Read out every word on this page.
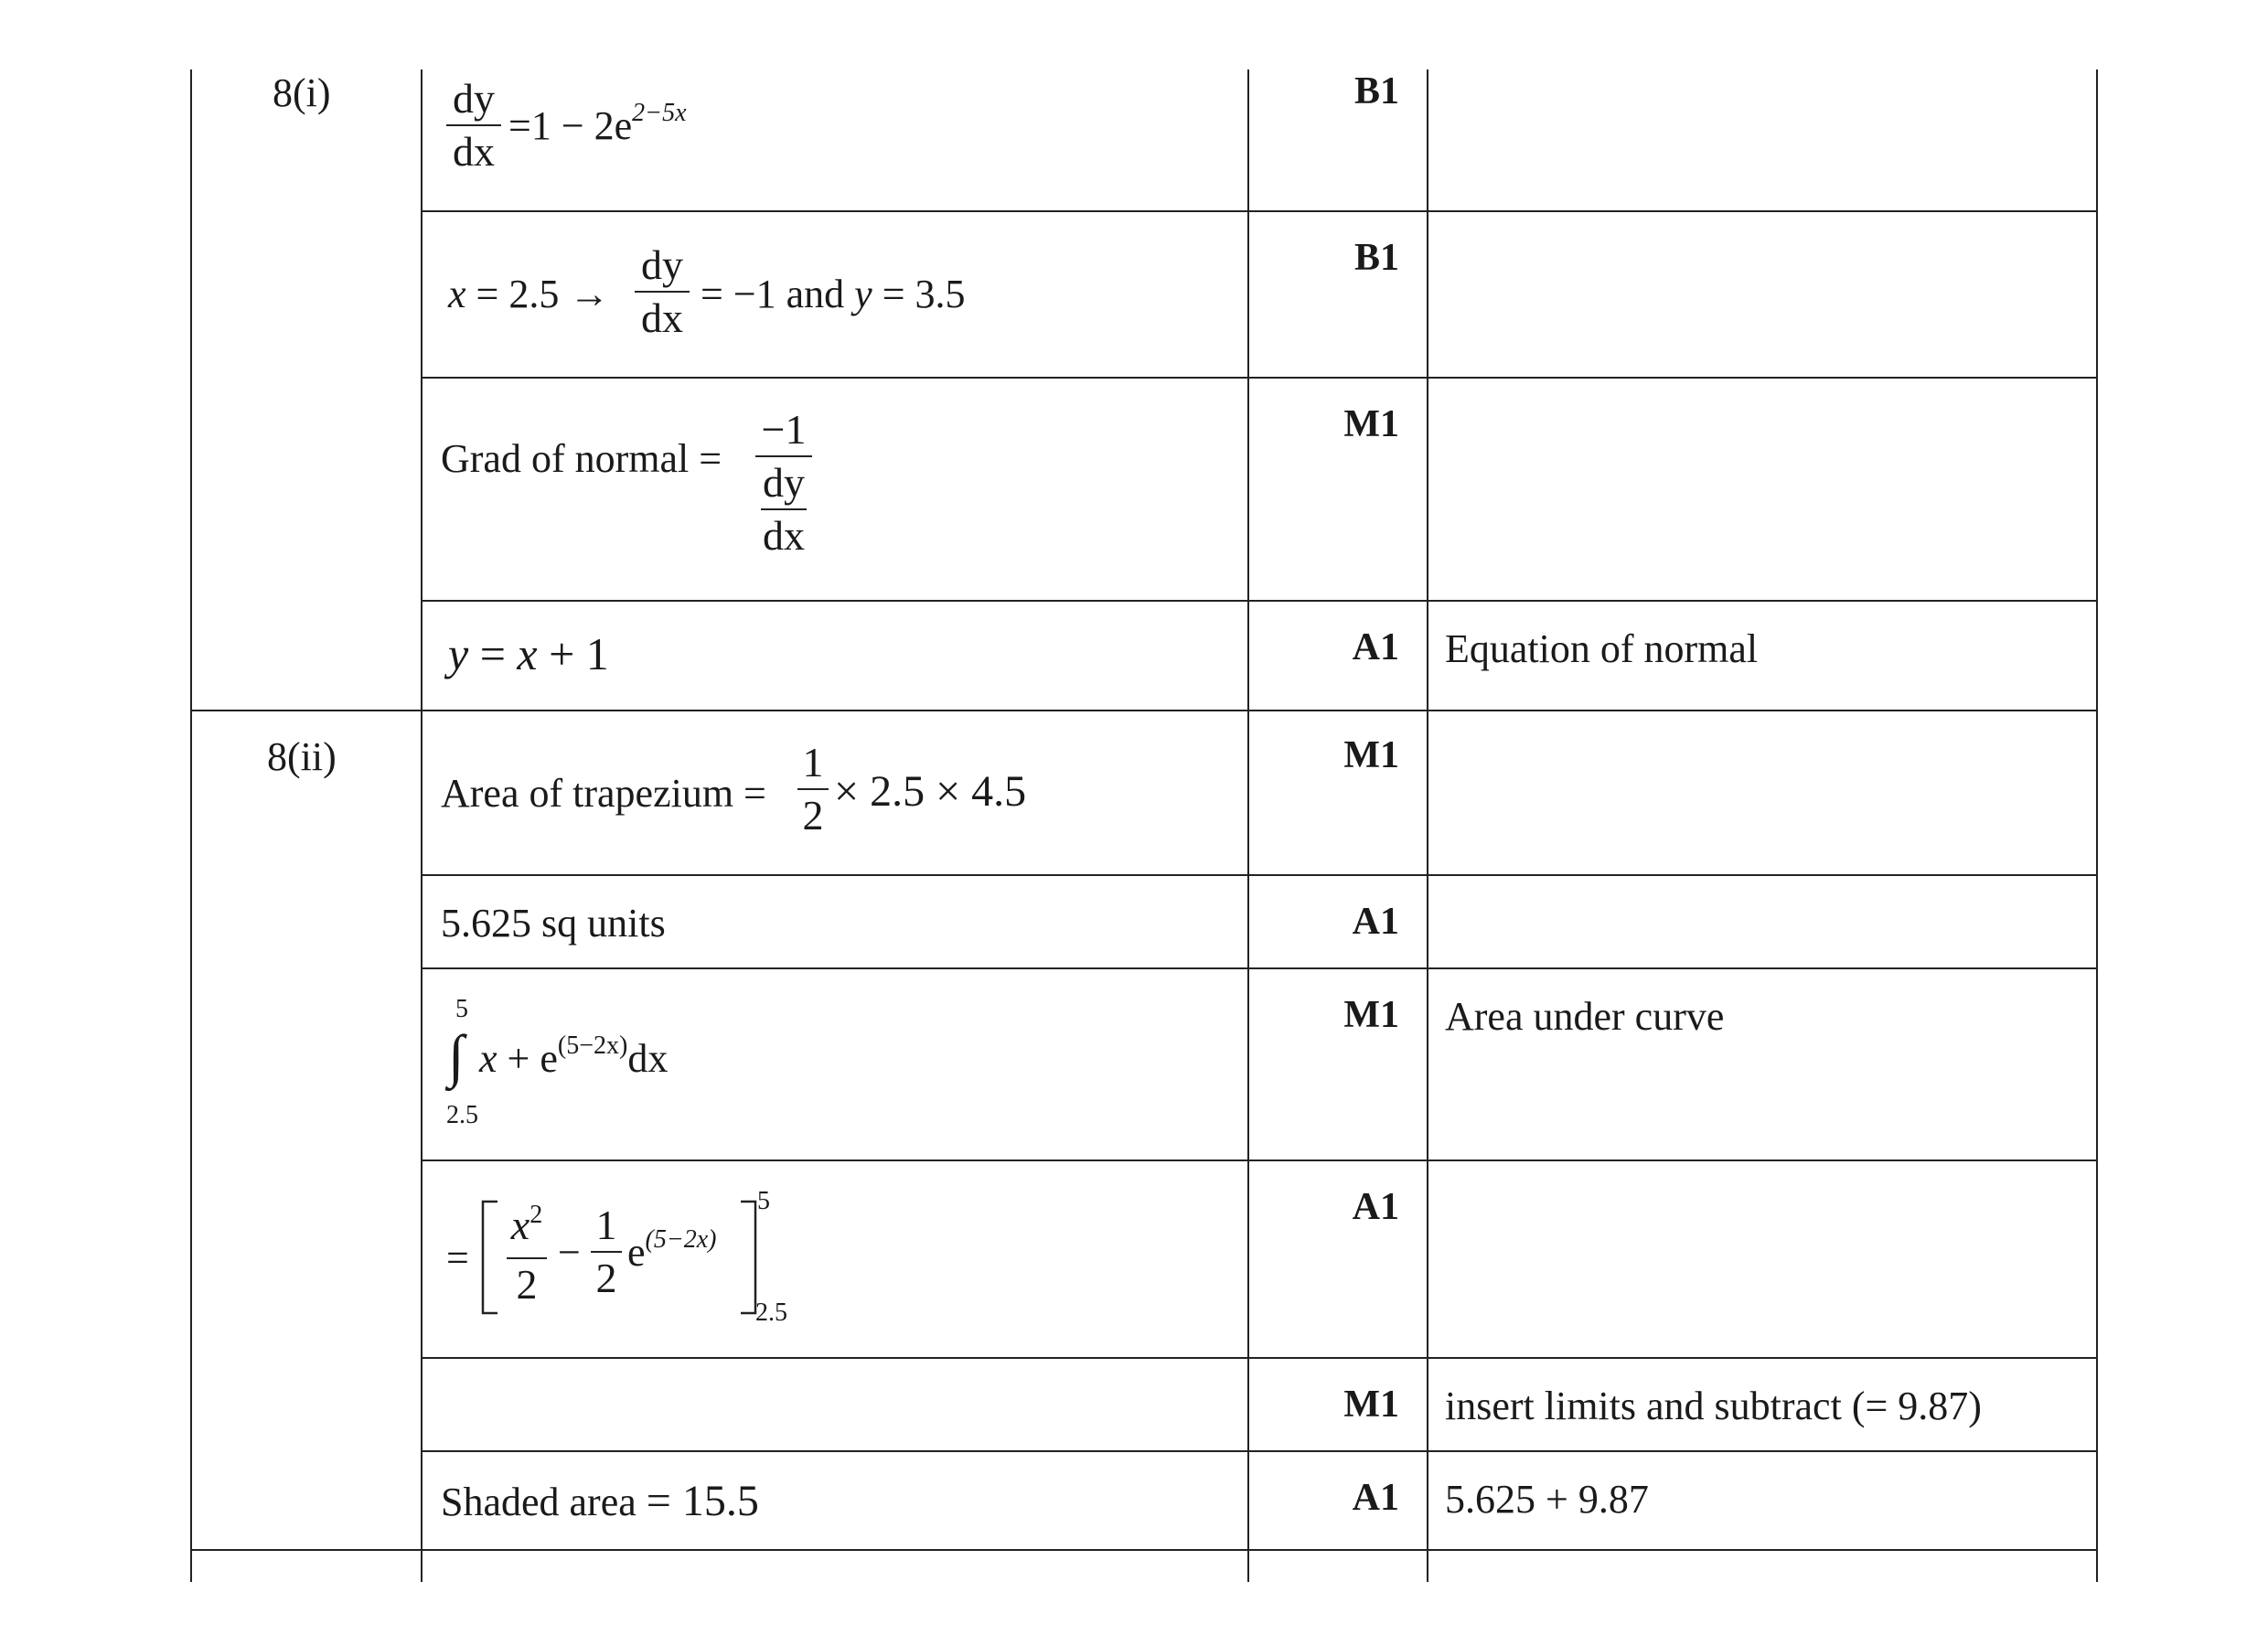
8(i)
8(ii)
B1
B1
M1
A1
M1
A1
M1
A1
M1
A1
Equation of normal
Area under curve
insert limits and subtract (= 9.87)
5.625 + 9.87
dy
dx
$=1 - 2e^{2-5x}$
x = 2.5 →
dy
dx
= −1 and y = 3.5
Grad of normal =
−1
dy
dx
y = x + 1
Area of trapezium =
1
2 × 2.5 × 4.5
5.625 sq units
5
∫
2.5
$x + e^{(5-2x)}dx$
=
$x^2$
2
−
1
2
$e^{(5-2x)}$
5
2.5
Shaded area = 15.5
